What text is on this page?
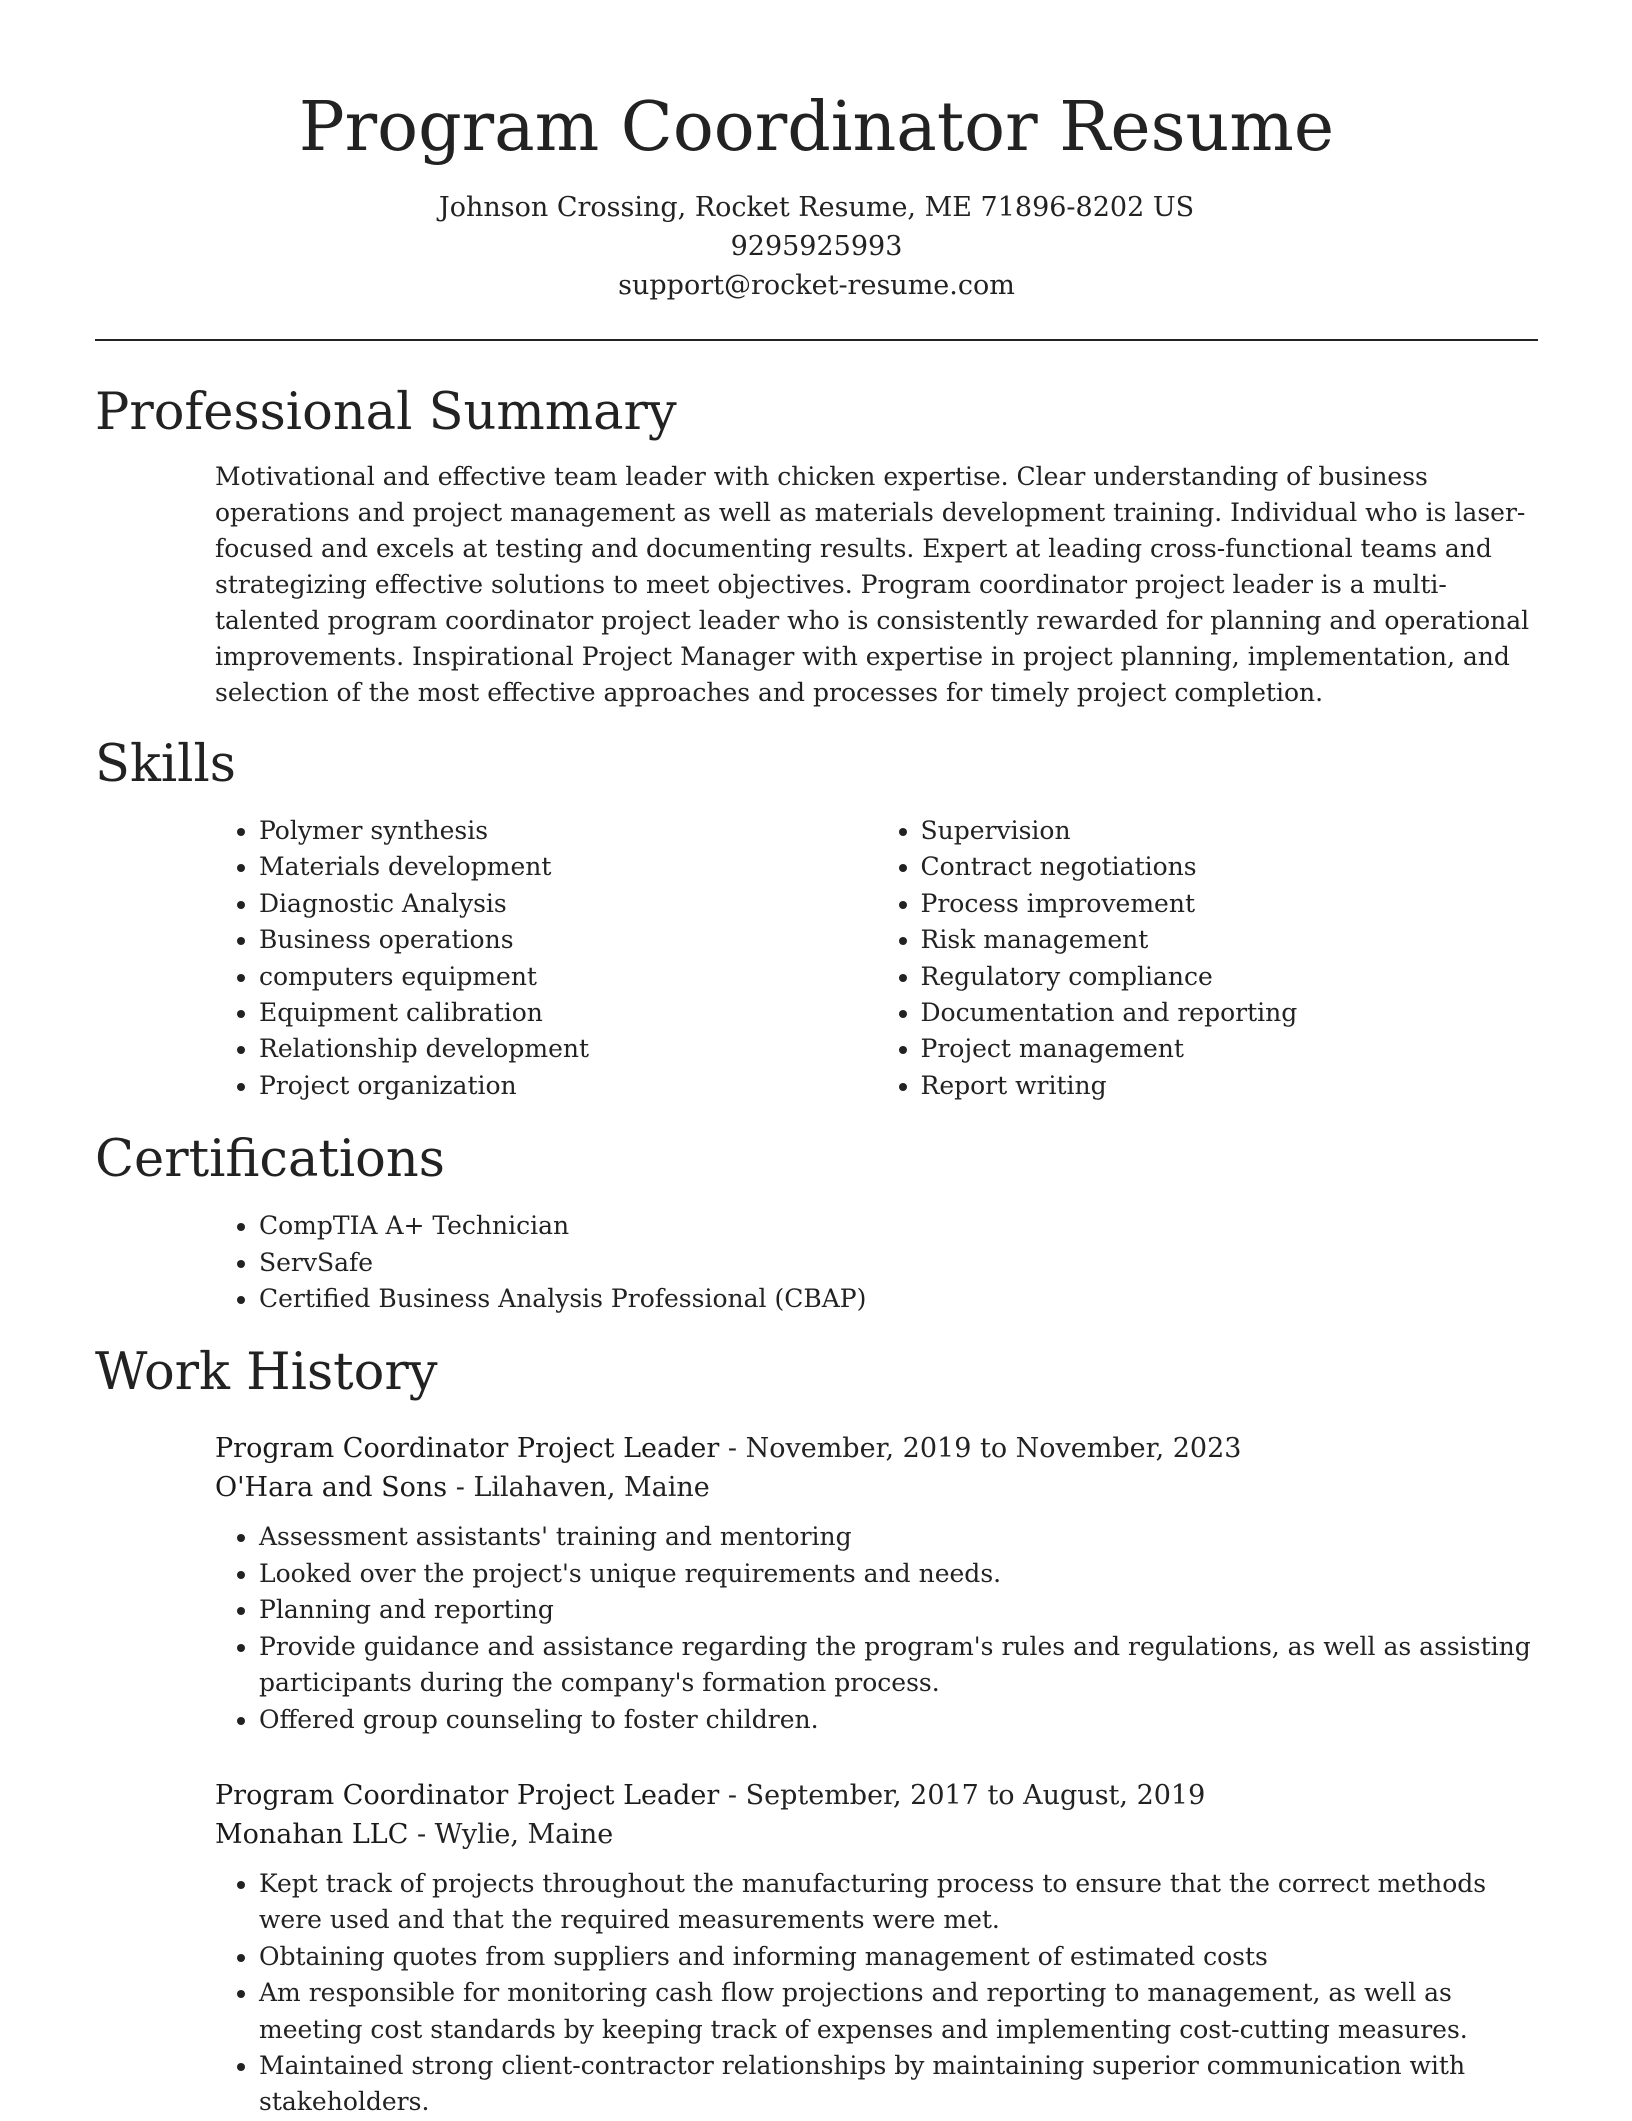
Program Coordinator Resume
Johnson Crossing, Rocket Resume, ME 71896-8202 US
9295925993
support@rocket-resume.com
Professional Summary

Motivational and effective team leader with chicken expertise. Clear understanding of business operations and project management as well as materials development training. Individual who is laser-focused and excels at testing and documenting results. Expert at leading cross-functional teams and strategizing effective solutions to meet objectives. Program coordinator project leader is a multi-talented program coordinator project leader who is consistently rewarded for planning and operational improvements. Inspirational Project Manager with expertise in project planning, implementation, and selection of the most effective approaches and processes for timely project completion.

Skills
• Polymer synthesis
• Materials development
• Diagnostic Analysis
• Business operations
• computers equipment
• Equipment calibration
• Relationship development
• Project organization
• Supervision
• Contract negotiations
• Process improvement
• Risk management
• Regulatory compliance
• Documentation and reporting
• Project management
• Report writing
Certifications
• CompTIA A+ Technician
• ServSafe
• Certified Business Analysis Professional (CBAP)
Work History
Program Coordinator Project Leader - November, 2019 to November, 2023
O'Hara and Sons - Lilahaven, Maine
• Assessment assistants' training and mentoring
• Looked over the project's unique requirements and needs.
• Planning and reporting
• Provide guidance and assistance regarding the program's rules and regulations, as well as assisting participants during the company's formation process.
• Offered group counseling to foster children.
Program Coordinator Project Leader - September, 2017 to August, 2019
Monahan LLC - Wylie, Maine
• Kept track of projects throughout the manufacturing process to ensure that the correct methods were used and that the required measurements were met.
• Obtaining quotes from suppliers and informing management of estimated costs
• Am responsible for monitoring cash flow projections and reporting to management, as well as meeting cost standards by keeping track of expenses and implementing cost-cutting measures.
• Maintained strong client-contractor relationships by maintaining superior communication with stakeholders.
